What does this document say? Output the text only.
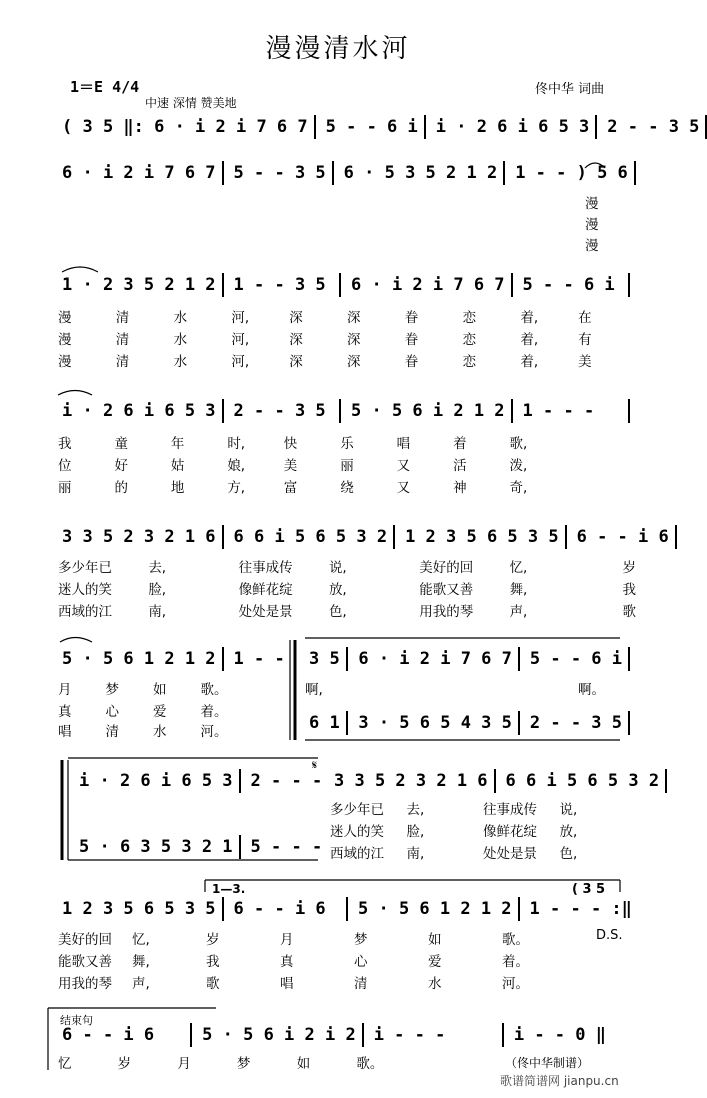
漫漫清水河
1＝E 4/4
中速 深情 赞美地
佟中华 词曲
( 3 5 ‖: 6 · i 2 i 7 6 7 5 - - 6 i i · 2 6 i 6 5 3 2 - - 3 5
6 · i 2 i 7 6 7 5 - - 3 5 6 · 5 3 5 2 1 2 1 - - ) 5 6
漫
漫
漫
1 · 2 3 5 2 1 2 1 - - 3 5	6 · i 2 i 7 6 7 5 - - 6 i
漫	清	水	河,	深	深	眷	恋	着,	在
漫	清	水	河,	深	深	眷	恋	着,	有
漫	清	水	河,	深	深	眷	恋	着,	美
i · 2 6 i 6 5 3 2 - - 3 5	5 · 5 6 i 2 1 2 1 - - -
我	童	年	时,	快	乐	唱	着	歌,
位	好	姑	娘,	美	丽	又	活	泼,
丽	的	地	方,	富	绕	又	神	奇,
3 3 5 2 3 2 1 6 6 6 i 5 6 5 3 2 1 2 3 5 6 5 3 5 6 - - i 6
多少年已	去,	往事成传	说,	美好的回	忆,	岁
迷人的笑	脸,	像鲜花绽	放,	能歌又善	舞,	我
西域的江	南,	处处是景	色,	用我的琴	声,	歌
5 · 5 6 1 2 1 2 1 - -	3 5 6 · i 2 i 7 6 7 5 - - 6 i
6 1 3 · 5 6 5 4 3 5 2 - - 3 5
月	梦	如	歌。	啊,	啊。
真	心	爱	着。
唱	清	水	河。
i · 2 6 i 6 5 3 2 - - -
5 · 6 3 5 3 2 1 5 - - -
𝄋
3 3 5 2 3 2 1 6 6 6 i 5 6 5 3 2
多少年已	去,	往事成传	说,
迷人的笑	脸,	像鲜花绽	放,
西域的江	南,	处处是景	色,
1—3.	( 3 5
1 2 3 5 6 5 3 5 6 - - i 6	5 · 5 6 1 2 1 2 1 - - - :‖
美好的回	忆,	岁	月	梦	如	歌。	D.S.
能歌又善	舞,	我	真	心	爱	着。
用我的琴	声,	歌	唱	清	水	河。
结束句
6 - - i 6	5 · 5 6 i 2 i 2 i - - -	i - - 0 ‖
忆	岁	月	梦	如	歌。	（佟中华制谱）
歌谱简谱网 jianpu.cn
